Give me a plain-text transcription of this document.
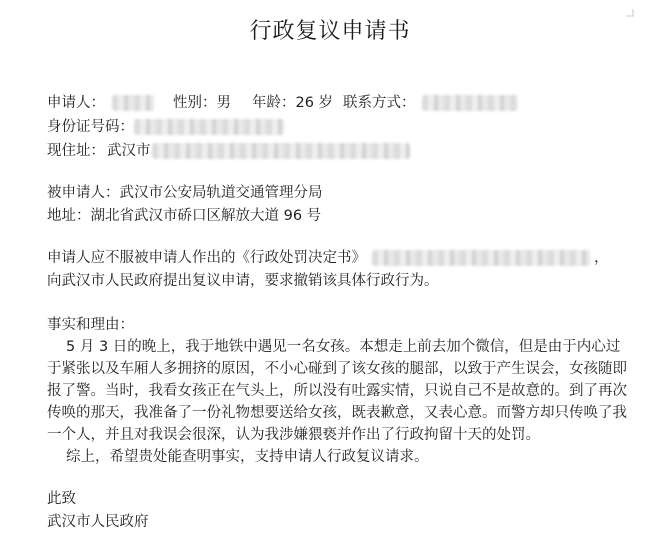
行政复议申请书
申请人：	性别：男 年龄：26 岁 联系方式：
身份证号码：
现住址： 武汉市
被申请人：武汉市公安局轨道交通管理分局
地址：湖北省武汉市硚口区解放大道 96 号
申请人应不服被申请人作出的《行政处罚决定书》	，
向武汉市人民政府提出复议申请，要求撤销该具体行政行为。
事实和理由：
5 月 3 日的晚上，我于地铁中遇见一名女孩。本想走上前去加个微信，但是由于内心过
于紧张以及车厢人多拥挤的原因，不小心碰到了该女孩的腿部，以致于产生误会，女孩随即
报了警。当时，我看女孩正在气头上，所以没有吐露实情，只说自己不是故意的。到了再次
传唤的那天，我准备了一份礼物想要送给女孩，既表歉意，又表心意。而警方却只传唤了我
一个人，并且对我误会很深，认为我涉嫌猥亵并作出了行政拘留十天的处罚。
综上，希望贵处能查明事实，支持申请人行政复议请求。
此致
武汉市人民政府
